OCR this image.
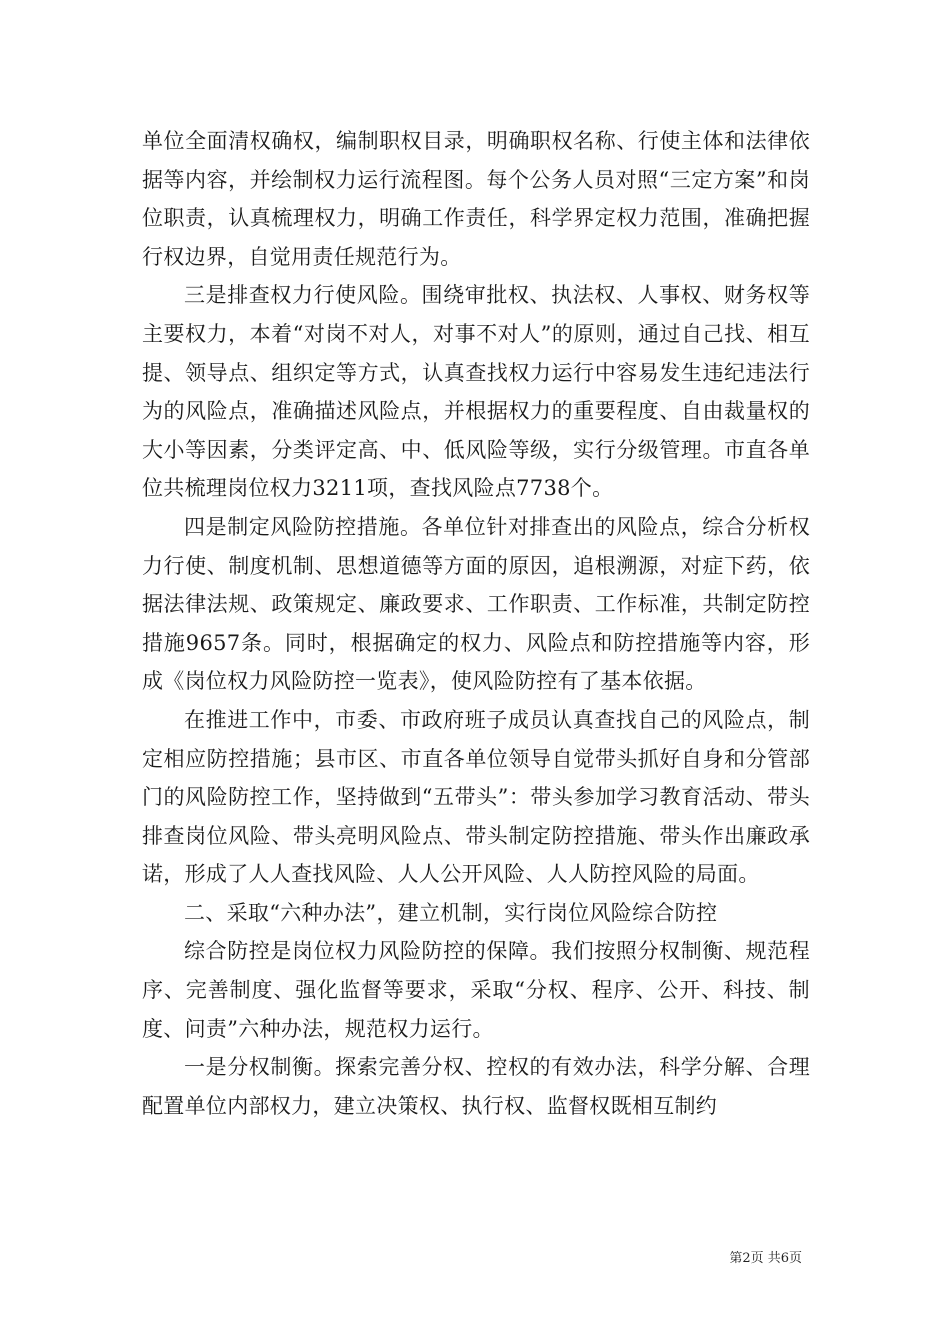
单位全面清权确权，编制职权目录，明确职权名称、行使主体和法律依据等内容，并绘制权力运行流程图。每个公务人员对照“三定方案”和岗位职责，认真梳理权力，明确工作责任，科学界定权力范围，准确把握行权边界，自觉用责任规范行为。

三是排查权力行使风险。围绕审批权、执法权、人事权、财务权等主要权力，本着“对岗不对人，对事不对人”的原则，通过自己找、相互提、领导点、组织定等方式，认真查找权力运行中容易发生违纪违法行为的风险点，准确描述风险点，并根据权力的重要程度、自由裁量权的大小等因素，分类评定高、中、低风险等级，实行分级管理。市直各单位共梳理岗位权力3211项，查找风险点7738个。

四是制定风险防控措施。各单位针对排查出的风险点，综合分析权力行使、制度机制、思想道德等方面的原因，追根溯源，对症下药，依据法律法规、政策规定、廉政要求、工作职责、工作标准，共制定防控措施9657条。同时，根据确定的权力、风险点和防控措施等内容，形成《岗位权力风险防控一览表》，使风险防控有了基本依据。

在推进工作中，市委、市政府班子成员认真查找自己的风险点，制定相应防控措施；县市区、市直各单位领导自觉带头抓好自身和分管部门的风险防控工作，坚持做到“五带头”：带头参加学习教育活动、带头排查岗位风险、带头亮明风险点、带头制定防控措施、带头作出廉政承诺，形成了人人查找风险、人人公开风险、人人防控风险的局面。

二、采取“六种办法”，建立机制，实行岗位风险综合防控

综合防控是岗位权力风险防控的保障。我们按照分权制衡、规范程序、完善制度、强化监督等要求，采取“分权、程序、公开、科技、制度、问责”六种办法，规范权力运行。

一是分权制衡。探索完善分权、控权的有效办法，科学分解、合理配置单位内部权力，建立决策权、执行权、监督权既相互制约

第2页 共6页
